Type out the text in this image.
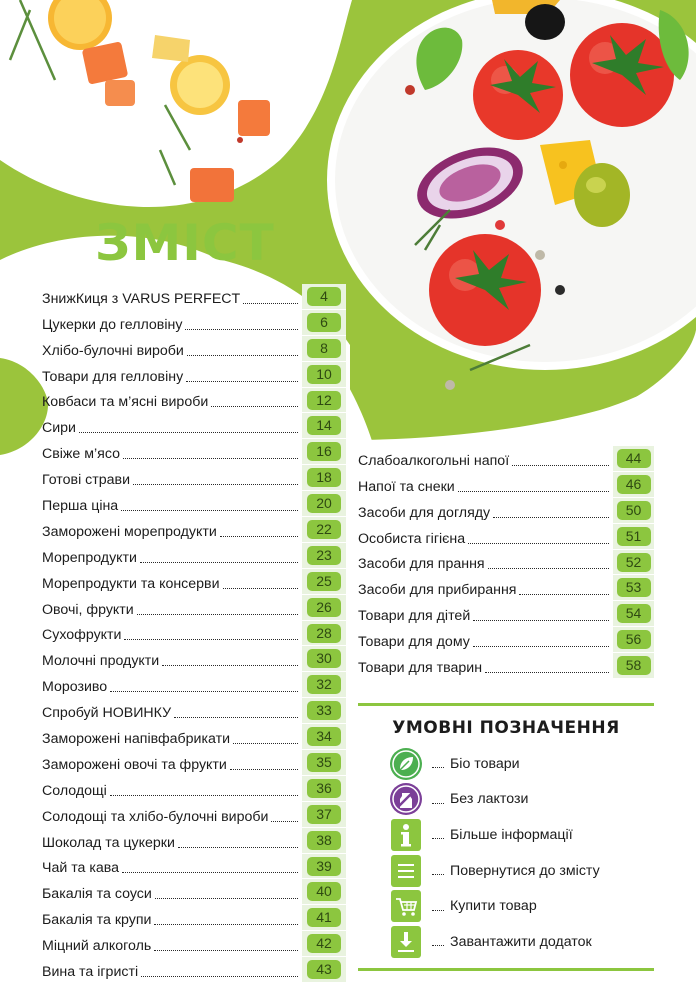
ЗМІСТ
ЗнижКиця з VARUS PERFECT	4
Цукерки до гелловіну	6
Хлібо-булочні вироби	8
Товари для гелловіну	10
Ковбаси та м’ясні вироби	12
Сири	14
Свіже м’ясо	16
Готові страви	18
Перша ціна	20
Заморожені морепродукти	22
Морепродукти	23
Морепродукти та консерви	25
Овочі, фрукти	26
Сухофрукти	28
Молочні продукти	30
Морозиво	32
Спробуй НОВИНКУ	33
Заморожені напівфабрикати	34
Заморожені овочі та фрукти	35
Солодощі	36
Солодощі та хлібо-булочні вироби	37
Шоколад та цукерки	38
Чай та кава	39
Бакалія та соуси	40
Бакалія та крупи	41
Міцний алкоголь	42
Вина та ігристі	43
Слабоалкогольні напої	44
Напої та снеки	46
Засоби для догляду	50
Особиста гігієна	51
Засоби для прання	52
Засоби для прибирання	53
Товари для дітей	54
Товари для дому	56
Товари для тварин	58
УМОВНІ ПОЗНАЧЕННЯ
Біо товари
Без лактози
Більше інформації
Повернутися до змісту
Купити товар
Завантажити додаток
